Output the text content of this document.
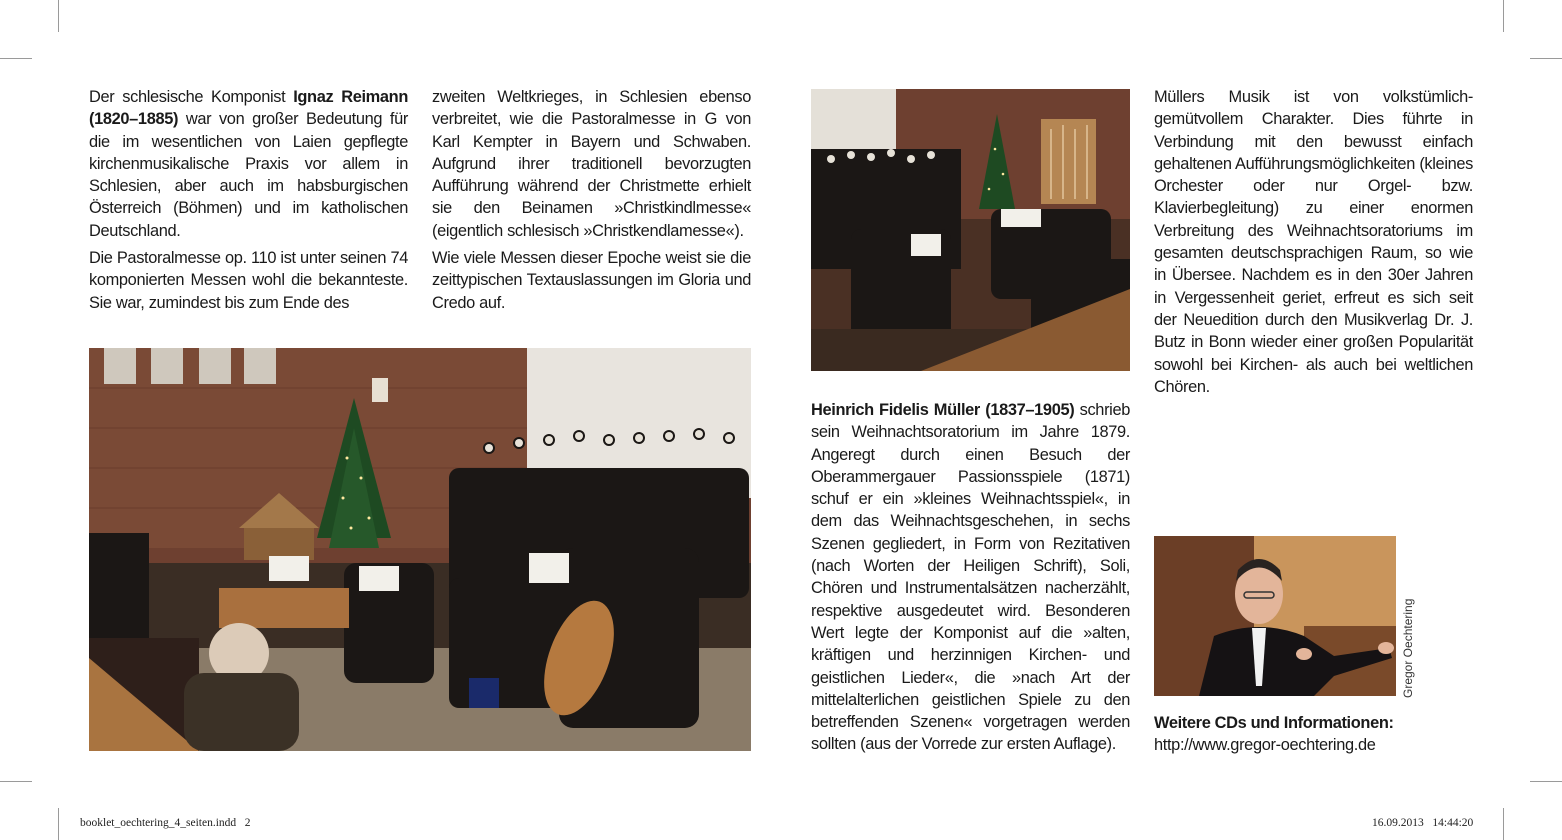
Der schlesische Komponist Ignaz Reimann (1820–1885) war von großer Bedeutung für die im wesentlichen von Laien gepflegte kirchenmusikalische Praxis vor allem in Schlesien, aber auch im habsburgischen Österreich (Böhmen) und im katholischen Deutschland.

Die Pastoralmesse op. 110 ist unter seinen 74 komponierten Messen wohl die bekannteste. Sie war, zumindest bis zum Ende des

zweiten Weltkrieges, in Schlesien ebenso verbreitet, wie die Pastoralmesse in G von Karl Kempter in Bayern und Schwaben. Aufgrund ihrer traditionell bevorzugten Aufführung während der Christmette erhielt sie den Beinamen »Christkindlmesse« (eigentlich schlesisch »Christkendlamesse«).

Wie viele Messen dieser Epoche weist sie die zeittypischen Textauslassungen im Gloria und Credo auf.

Heinrich Fidelis Müller (1837–1905) schrieb sein Weihnachtsoratorium im Jahre 1879. Angeregt durch einen Besuch der Oberammergauer Passionsspiele (1871) schuf er ein »kleines Weihnachtsspiel«, in dem das Weihnachtsgeschehen, in sechs Szenen gegliedert, in Form von Rezitativen (nach Worten der Heiligen Schrift), Soli, Chören und Instrumentalsätzen nacherzählt, respektive ausgedeutet wird. Besonderen Wert legte der Komponist auf die »alten, kräftigen und herzinnigen Kirchen- und geistlichen Lieder«, die »nach Art der mittelalterlichen geistlichen Spiele zu den betreffenden Szenen« vorgetragen werden sollten (aus der Vorrede zur ersten Auflage).

Müllers Musik ist von volkstümlich-gemütvollem Charakter. Dies führte in Verbindung mit den bewusst einfach gehaltenen Aufführungsmöglichkeiten (kleines Orchester oder nur Orgel- bzw. Klavierbegleitung) zu einer enormen Verbreitung des Weihnachtsoratoriums im gesamten deutschsprachigen Raum, so wie in Übersee. Nachdem es in den 30er Jahren in Vergessenheit geriet, erfreut es sich seit der Neuedition durch den Musikverlag Dr. J. Butz in Bonn wieder einer großen Popularität sowohl bei Kirchen- als auch bei weltlichen Chören.

Gregor Oechtering
Weitere CDs und Informationen:
http://www.gregor-oechtering.de
booklet_oechtering_4_seiten.indd   2	16.09.2013   14:44:20
